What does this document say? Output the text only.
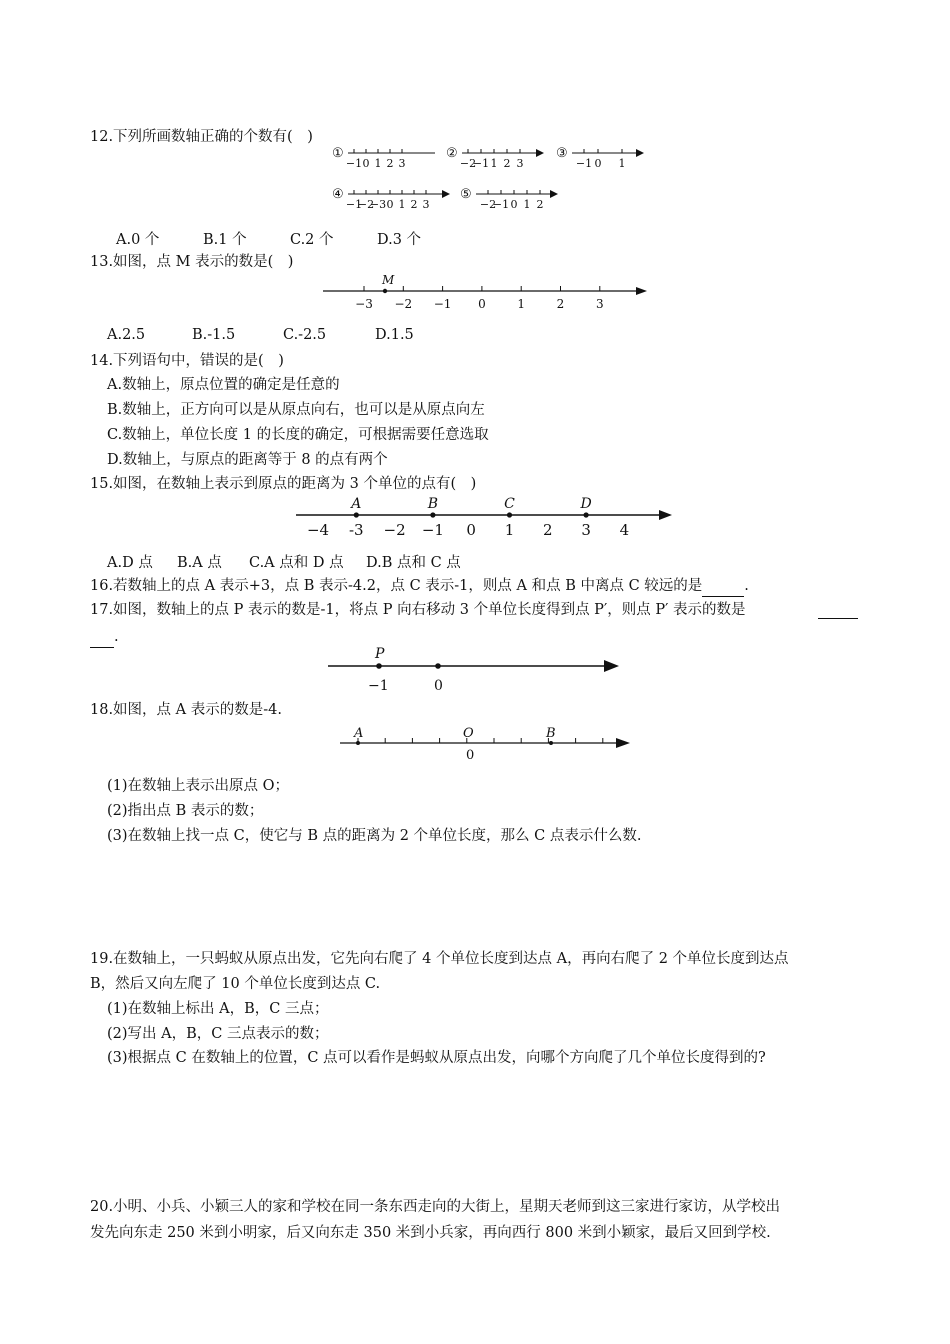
12.下列所画数轴正确的个数有(　)
①
−1 0 1 2 3
②
−2
−1 1 2 3
③
−1 0 1
④
−1
−2
−3 0 1 2 3
⑤
−2
−1 0 1 2
A.0 个	B.1 个	C.2 个	D.3 个
13.如图，点 M 表示的数是(　)
−3 −2 −1 0	1	2	3
M
A.2.5	B.-1.5	C.-2.5	D.1.5
14.下列语句中，错误的是(　)
A.数轴上，原点位置的确定是任意的
B.数轴上，正方向可以是从原点向右，也可以是从原点向左
C.数轴上，单位长度 1 的长度的确定，可根据需要任意选取
D.数轴上，与原点的距离等于 8 的点有两个
15.如图，在数轴上表示到原点的距离为 3 个单位的点有(　)
−4 -3 −2 −1 0 1 2 3 4
A	B	C	D
A.D 点 B.A 点 C.A 点和 D 点 D.B 点和 C 点
16.若数轴上的点 A 表示+3，点 B 表示-4.2，点 C 表示-1，则点 A 和点 B 中离点 C 较远的是	.
17.如图，数轴上的点 P 表示的数是-1，将点 P 向右移动 3 个单位长度得到点 P′，则点 P′ 表示的数是
.
P
−1	0
18.如图，点 A 表示的数是-4.
A	O	B
0
(1)在数轴上表示出原点 O；
(2)指出点 B 表示的数；
(3)在数轴上找一点 C，使它与 B 点的距离为 2 个单位长度，那么 C 点表示什么数.
19.在数轴上，一只蚂蚁从原点出发，它先向右爬了 4 个单位长度到达点 A，再向右爬了 2 个单位长度到达点
B，然后又向左爬了 10 个单位长度到达点 C.
(1)在数轴上标出 A，B，C 三点；
(2)写出 A，B，C 三点表示的数；
(3)根据点 C 在数轴上的位置，C 点可以看作是蚂蚁从原点出发，向哪个方向爬了几个单位长度得到的?
20.小明、小兵、小颖三人的家和学校在同一条东西走向的大街上，星期天老师到这三家进行家访，从学校出
发先向东走 250 米到小明家，后又向东走 350 米到小兵家，再向西行 800 米到小颖家，最后又回到学校.
